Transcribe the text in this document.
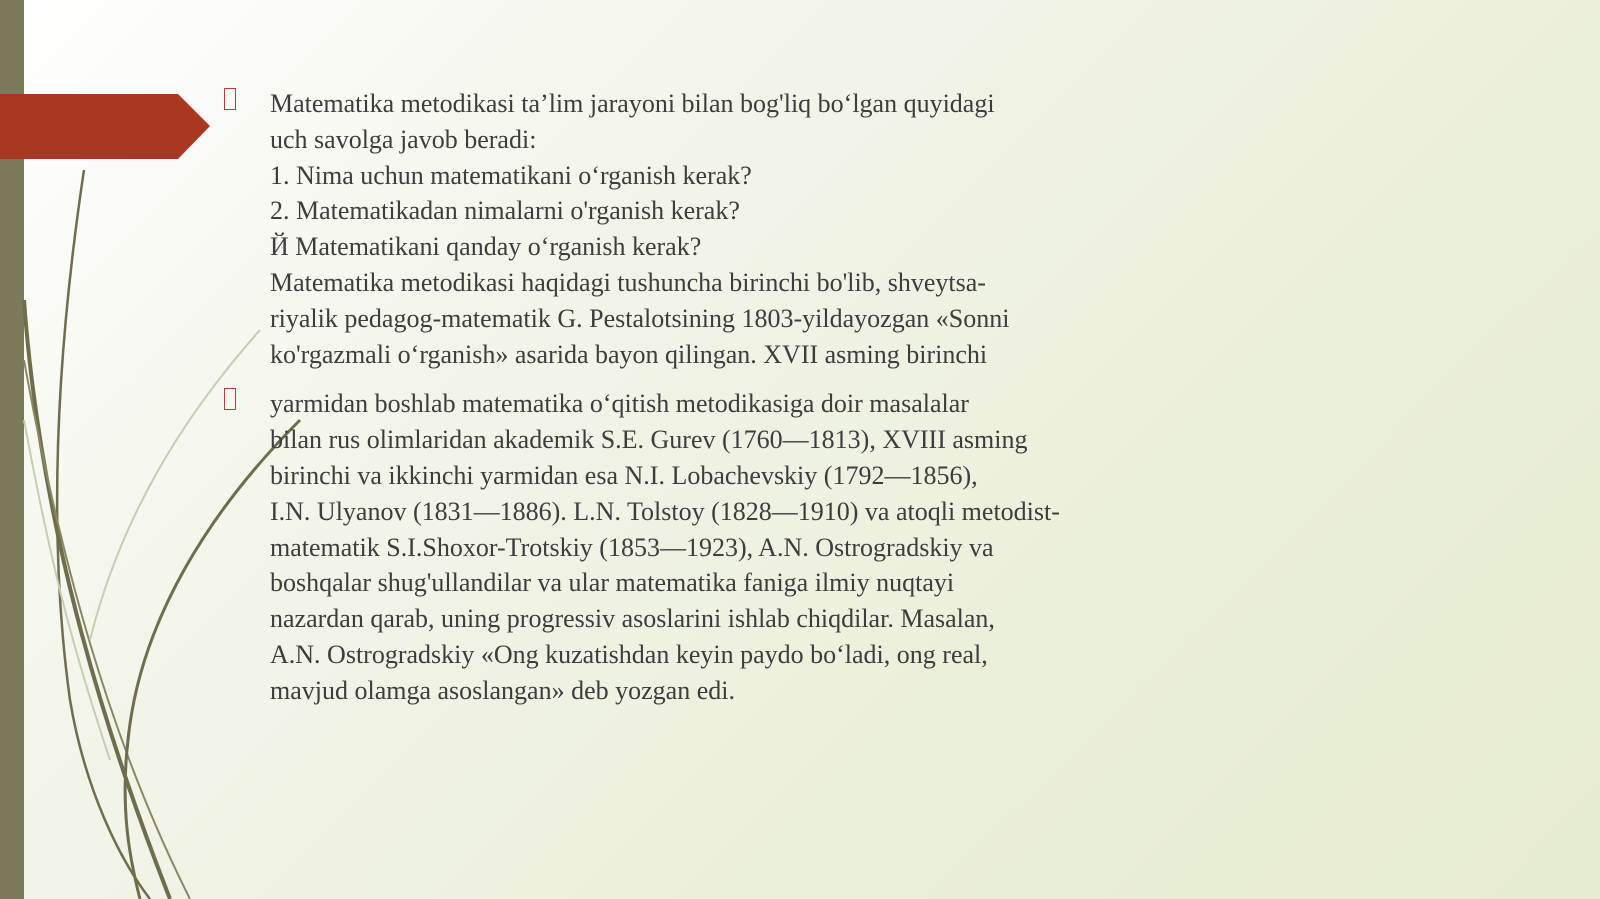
Matematika metodikasi ta’lim jarayoni bilan bog'liq bo‘lgan quyidagi
uch savolga javob beradi:
1. Nima uchun matematikani o‘rganish kerak?
2. Matematikadan nimalarni o'rganish kerak?
Й Matematikani qanday o‘rganish kerak?
Matematika metodikasi haqidagi tushuncha birinchi bo'lib, shveytsa-
riyalik pedagog-matematik G. Pestalotsining 1803-yildayozgan «Sonni
ko'rgazmali o‘rganish» asarida bayon qilingan. XVII asming birinchi
yarmidan boshlab matematika o‘qitish metodikasiga doir masalalar
bilan rus olimlaridan akademik S.E. Gurev (1760—1813), XVIII asming
birinchi va ikkinchi yarmidan esa N.I. Lobachevskiy (1792—1856),
I.N. Ulyanov (1831—1886). L.N. Tolstoy (1828—1910) va atoqli metodist-
matematik S.I.Shoxor-Trotskiy (1853—1923), A.N. Ostrogradskiy va
boshqalar shug'ullandilar va ular matematika faniga ilmiy nuqtayi
nazardan qarab, uning progressiv asoslarini ishlab chiqdilar. Masalan,
A.N. Ostrogradskiy «Ong kuzatishdan keyin paydo bo‘ladi, ong real,
mavjud olamga asoslangan» deb yozgan edi.
